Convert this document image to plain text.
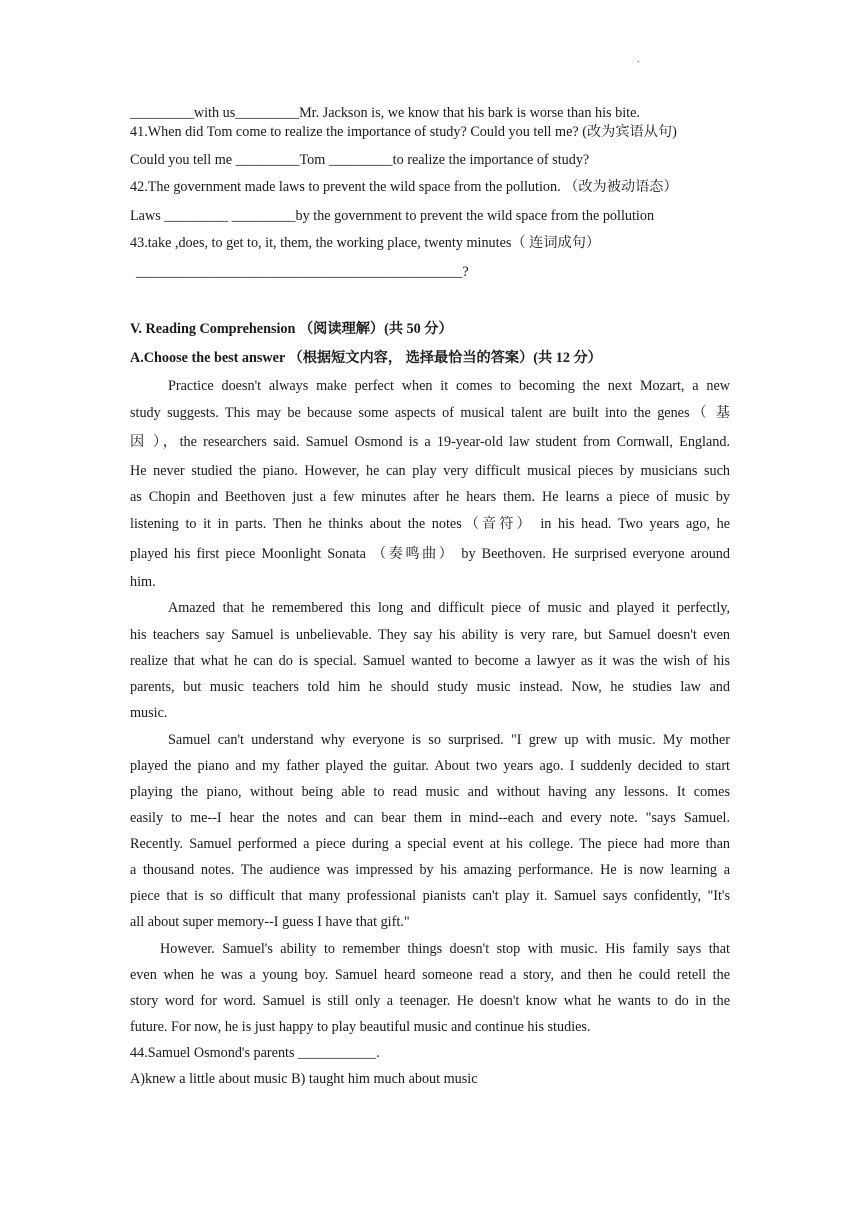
.
_________with us_________Mr. Jackson is, we know that his bark is worse than his bite.
41.When did Tom come to realize the importance of study? Could you tell me? (改为宾语从句)
Could you tell me _________Tom _________to realize the importance of study?
42.The government made laws to prevent the wild space from the pollution. （改为被动语态）
Laws _________ _________by the government to prevent the wild space from the pollution
43.take ,does, to get to, it, them, the working place, twenty minutes（ 连词成句）
______________________________________________?
V. Reading Comprehension （阅读理解）(共 50 分）
A.Choose the best answer （根据短文内容， 选择最恰当的答案）(共 12 分）
Practice doesn't always make perfect when it comes to becoming the next Mozart, a new
study suggests. This may be because some aspects of musical talent are built into the genes（ 基
因 ），the researchers said. Samuel Osmond is a 19-year-old law student from Cornwall, England.
He never studied the piano. However, he can play very difficult musical pieces by musicians such
as Chopin and Beethoven just a few minutes after he hears them. He learns a piece of music by
listening to it in parts. Then he thinks about the notes（音符） in his head. Two years ago, he
played his first piece Moonlight Sonata （奏鸣曲） by Beethoven. He surprised everyone around
him.
Amazed that he remembered this long and difficult piece of music and played it perfectly,
his teachers say Samuel is unbelievable. They say his ability is very rare, but Samuel doesn't even
realize that what he can do is special. Samuel wanted to become a lawyer as it was the wish of his
parents, but music teachers told him he should study music instead. Now, he studies law and
music.
Samuel can't understand why everyone is so surprised. "I grew up with music. My mother
played the piano and my father played the guitar. About two years ago. I suddenly decided to start
playing the piano, without being able to read music and without having any lessons. It comes
easily to me--I hear the notes and can bear them in mind--each and every note. "says Samuel.
Recently. Samuel performed a piece during a special event at his college. The piece had more than
a thousand notes. The audience was impressed by his amazing performance. He is now learning a
piece that is so difficult that many professional pianists can't play it. Samuel says confidently, "It's
all about super memory--I guess I have that gift."
However. Samuel's ability to remember things doesn't stop with music. His family says that
even when he was a young boy. Samuel heard someone read a story, and then he could retell the
story word for word. Samuel is still only a teenager. He doesn't know what he wants to do in the
future. For now, he is just happy to play beautiful music and continue his studies.
44.Samuel Osmond's parents ___________.
A)knew a little about music B) taught him much about music
